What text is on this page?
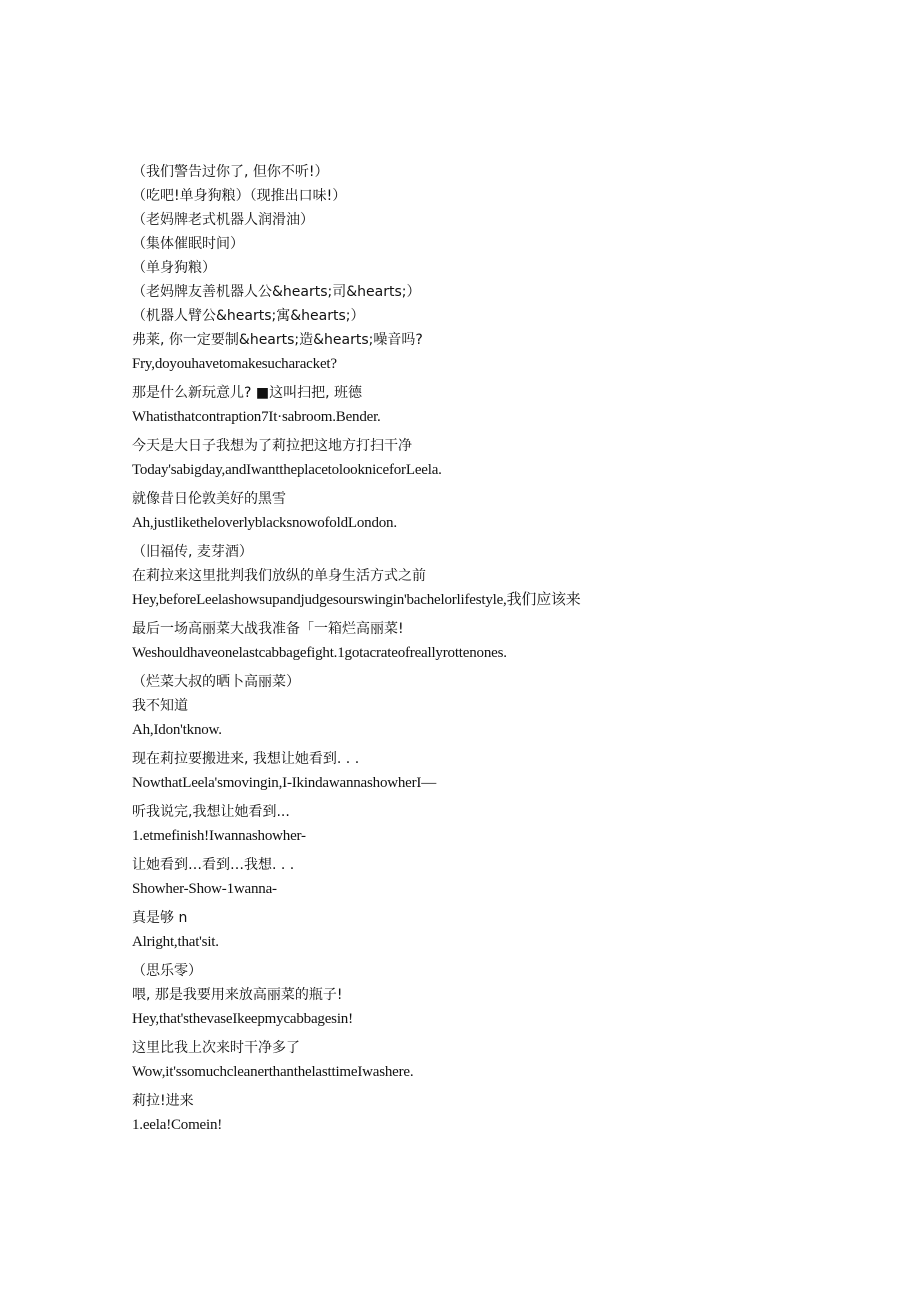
（我们警告过你了, 但你不听!）
（吃吧!单身狗粮）（现推出口味!）
（老妈牌老式机器人润滑油）
（集体催眠时间）
（单身狗粮）
（老妈牌友善机器人公&hearts;司&hearts;）
（机器人臂公&hearts;寓&hearts;）
弗莱, 你一定要制&hearts;造&hearts;噪音吗?
Fry,doyouhavetomakesucharacket?
那是什么新玩意儿? ■这叫扫把, 班德
Whatisthatcontraption7It·sabroom.Bender.
今天是大日子我想为了莉拉把这地方打扫干净
Today'sabigday,andIwanttheplacetolookniceforLeela.
就像昔日伦敦美好的黑雪
Ah,justliketheloverlyblacksnowofoldLondon.
（旧福传, 麦芽酒）
在莉拉来这里批判我们放纵的单身生活方式之前
Hey,beforeLeelashowsupandjudgesourswingin'bachelorlifestyle,我们应该来
最后一场高丽菜大战我准备「一箱烂高丽菜!
Weshouldhaveonelastcabbagefight.1gotacrateofreallyrottenones.
（烂菜大叔的晒卜高丽菜）
我不知道
Ah,Idon'tknow.
现在莉拉要搬进来, 我想让她看到. . .
NowthatLeela'smovingin,I-IkindawannashowherI—
听我说完,我想让她看到...
1.etmefinish!Iwannashowher-
让她看到…看到…我想. . .
Showher-Show-1wanna-
真是够 n
Alright,that'sit.
（思乐零）
喂, 那是我要用来放高丽菜的瓶子!
Hey,that'sthevaseIkeepmycabbagesin!
这里比我上次来时干净多了
Wow,it'ssomuchcleanerthanthelasttimeIwashere.
莉拉!进来
1.eela!Comein!
